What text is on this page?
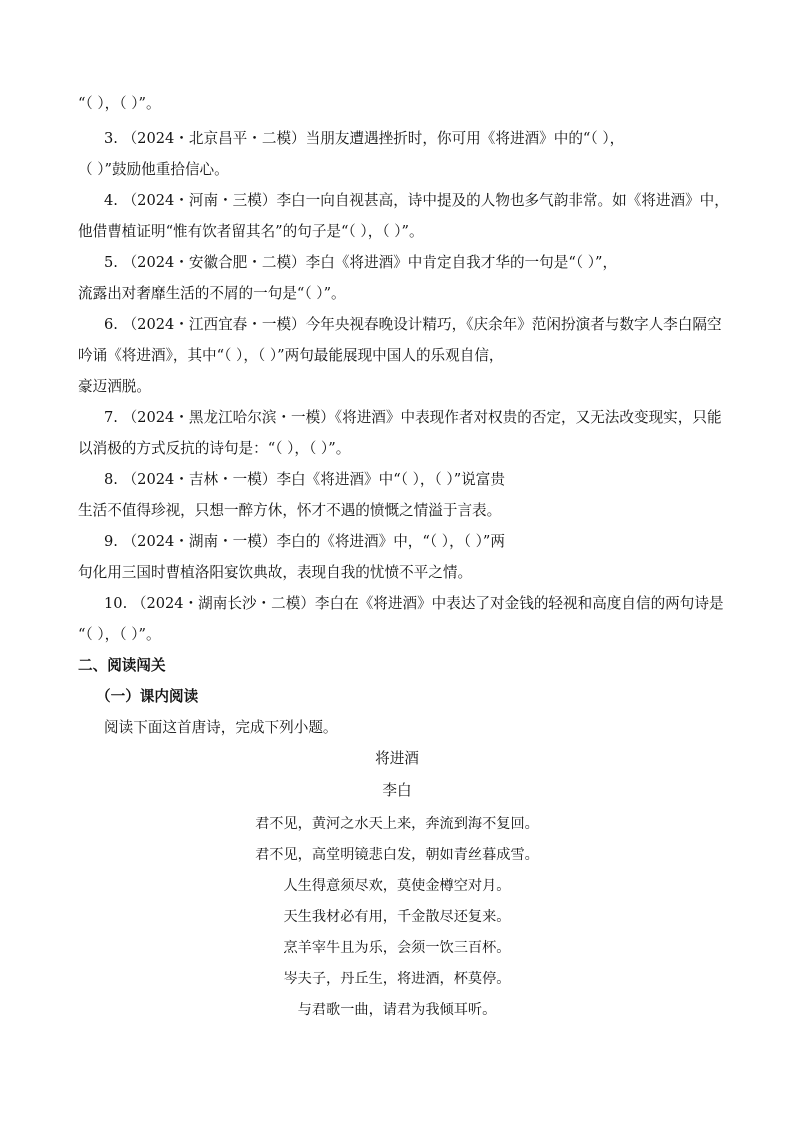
“（ ），（ ）”。
3. （2024・北京昌平・二模）当朋友遭遇挫折时，你可用《将进酒》中的“（ ），
（ ）”鼓励他重拾信心。
4. （2024・河南・三模）李白一向自视甚高，诗中提及的人物也多气韵非常。如《将进酒》中，
他借曹植证明“惟有饮者留其名”的句子是“（ ），（ ）”。
5. （2024・安徽合肥・二模）李白《将进酒》中肯定自我才华的一句是“（ ）”，
流露出对奢靡生活的不屑的一句是“（ ）”。
6. （2024・江西宜春・一模）今年央视春晚设计精巧，《庆余年》范闲扮演者与数字人李白隔空
吟诵《将进酒》，其中“（ ），（ ）”两句最能展现中国人的乐观自信，
豪迈洒脱。
7. （2024・黑龙江哈尔滨・一模）《将进酒》中表现作者对权贵的否定，又无法改变现实，只能
以消极的方式反抗的诗句是：“（ ），（ ）”。
8. （2024・吉林・一模）李白《将进酒》中“（ ），（ ）”说富贵
生活不值得珍视，只想一醉方休，怀才不遇的愤慨之情溢于言表。
9. （2024・湖南・一模）李白的《将进酒》中，“（ ），（ ）”两
句化用三国时曹植洛阳宴饮典故，表现自我的忧愤不平之情。
10. （2024・湖南长沙・二模）李白在《将进酒》中表达了对金钱的轻视和高度自信的两句诗是
“（ ），（ ）”。
二、阅读闯关
（一）课内阅读
阅读下面这首唐诗，完成下列小题。
将进酒
李白
君不见，黄河之水天上来，奔流到海不复回。
君不见，高堂明镜悲白发，朝如青丝暮成雪。
人生得意须尽欢，莫使金樽空对月。
天生我材必有用，千金散尽还复来。
烹羊宰牛且为乐，会须一饮三百杯。
岑夫子，丹丘生，将进酒，杯莫停。
与君歌一曲，请君为我倾耳听。
